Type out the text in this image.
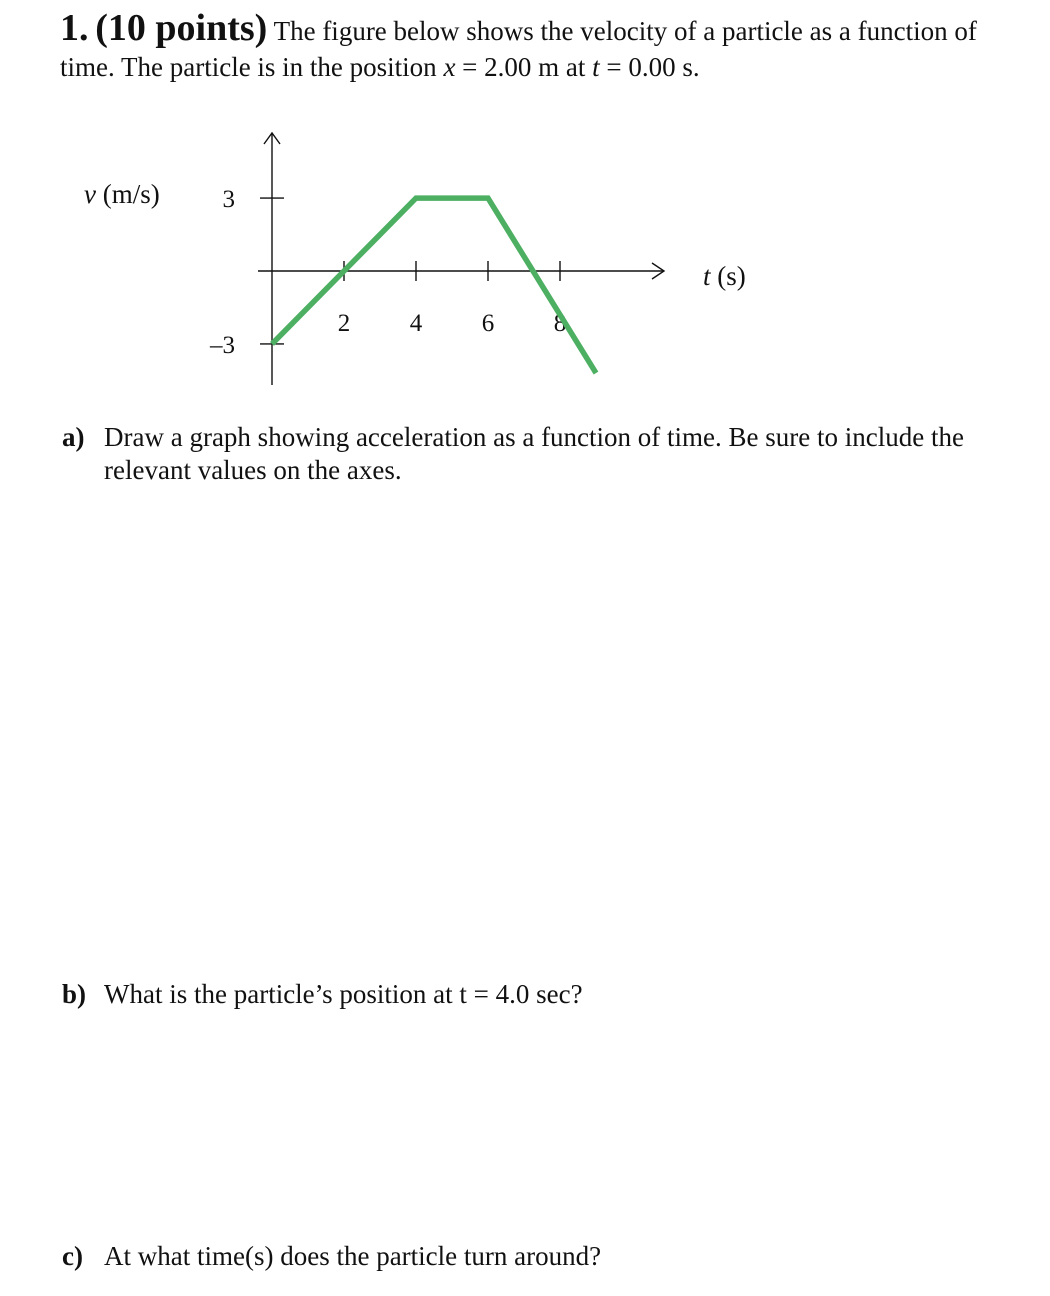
1. (10 points) The figure below shows the velocity of a particle as a function of
time. The particle is in the position x = 2.00 m at t = 0.00 s.
3
–3
2 4 6 8
v (m/s)
t (s)
a) Draw a graph showing acceleration as a function of time. Be sure to include the
relevant values on the axes.
b) What is the particle’s position at t = 4.0 sec?
c) At what time(s) does the particle turn around?
